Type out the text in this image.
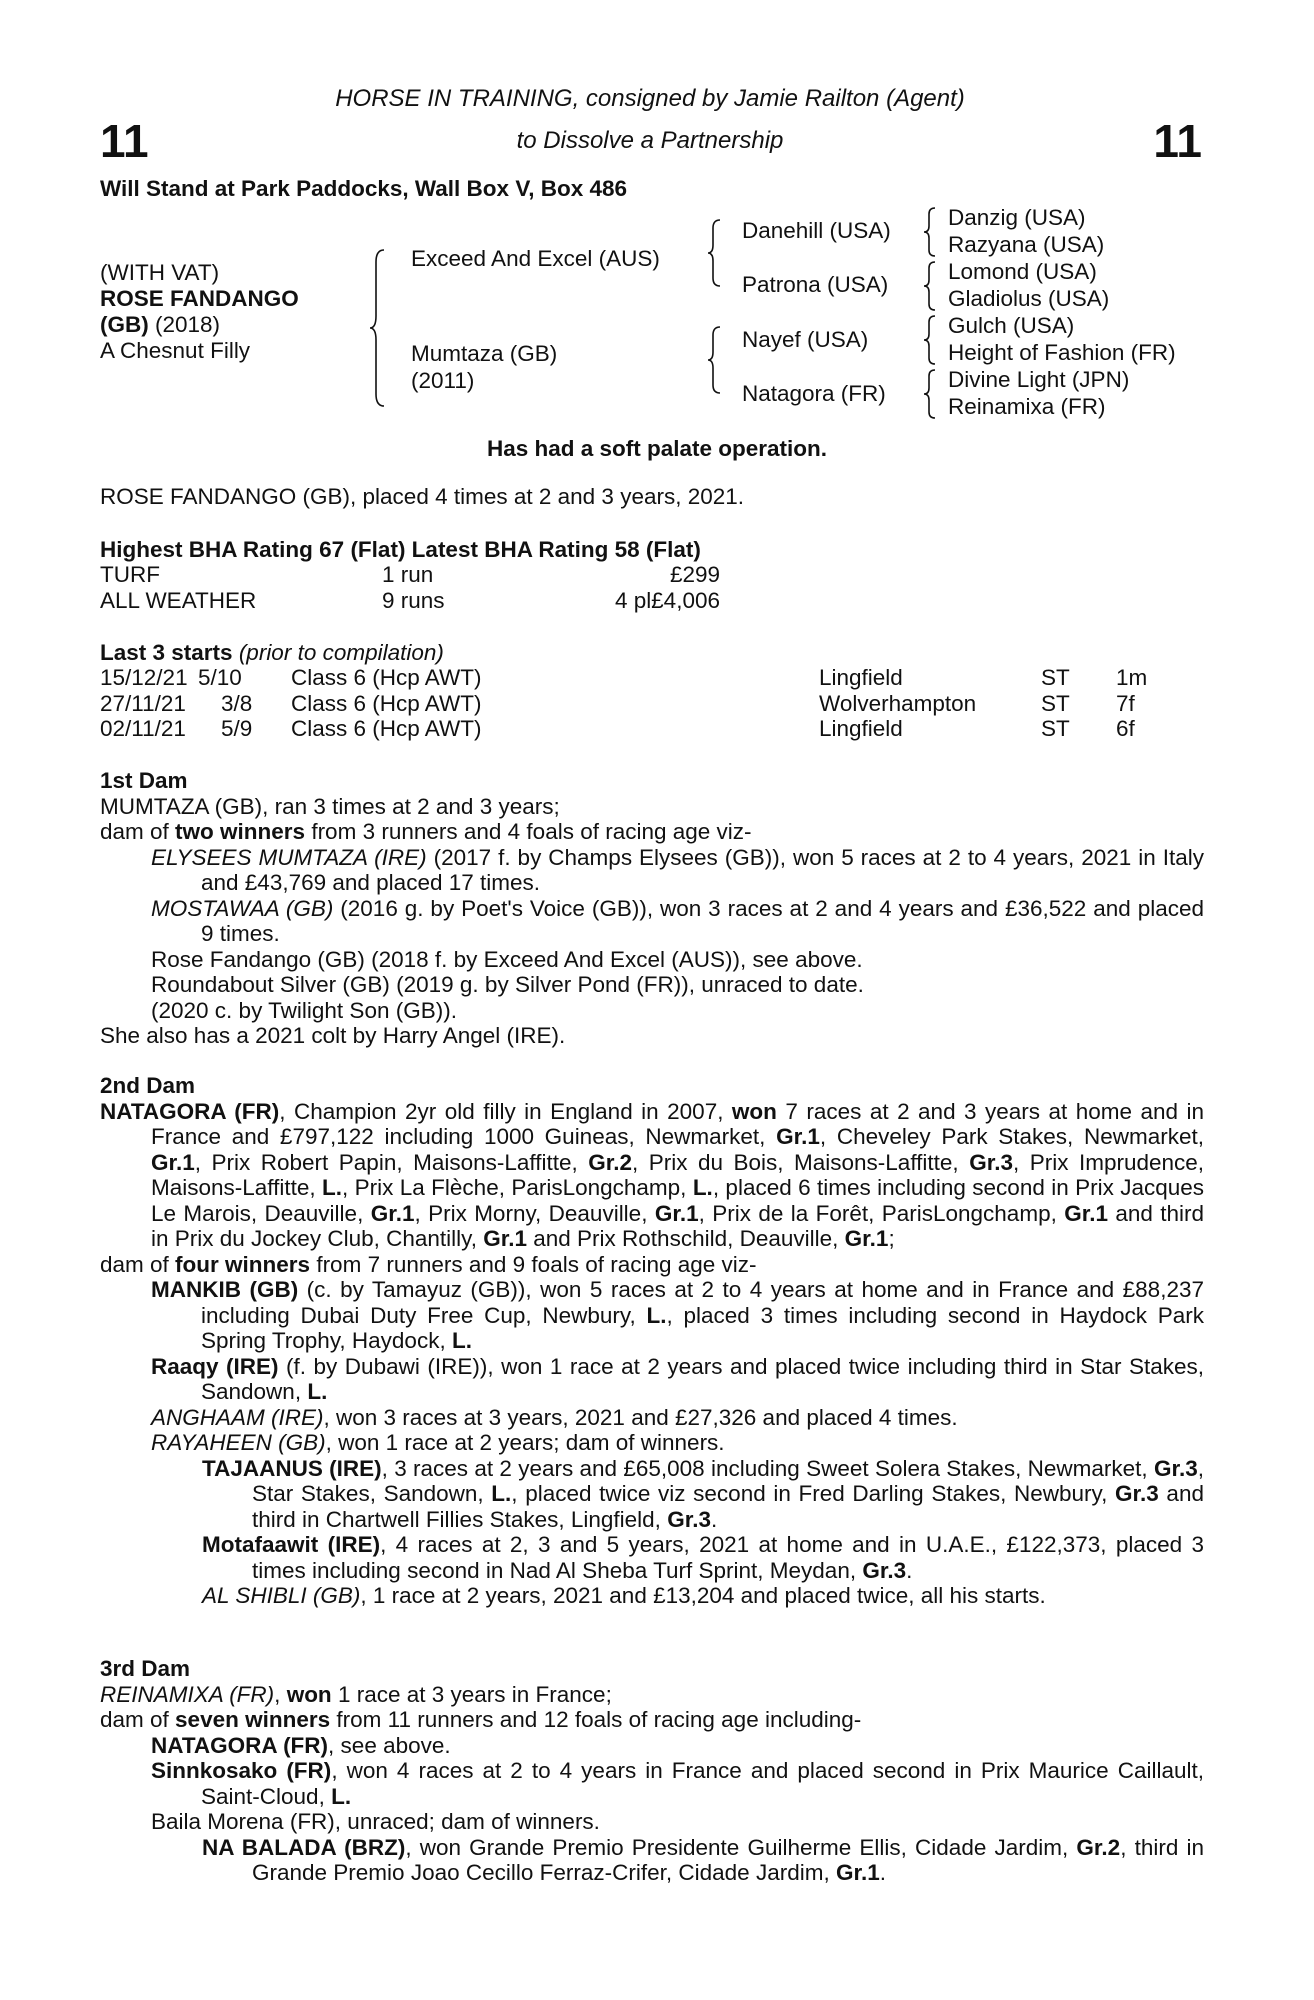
11	11
HORSE IN TRAINING, consigned by Jamie Railton (Agent)
to Dissolve a Partnership
Will Stand at Park Paddocks, Wall Box V, Box 486
(WITH VAT)
ROSE FANDANGO
(GB) (2018)
A Chesnut Filly
Exceed And Excel (AUS)
Mumtaza (GB)
(2011)
Danehill (USA)
Patrona (USA)
Nayef (USA)
Natagora (FR)
Danzig (USA)
Razyana (USA)
Lomond (USA)
Gladiolus (USA)
Gulch (USA)
Height of Fashion (FR)
Divine Light (JPN)
Reinamixa (FR)
Has had a soft palate operation.
ROSE FANDANGO (GB), placed 4 times at 2 and 3 years, 2021.
Highest BHA Rating 67 (Flat) Latest BHA Rating 58 (Flat)
TURF	1 run	£299
ALL WEATHER	9 runs	4 pl £4,006
Last 3 starts (prior to compilation)
15/12/21 5/10 Class 6 (Hcp AWT)	Lingfield	ST 1m
27/11/21 3/8 Class 6 (Hcp AWT)	Wolverhampton	ST 7f
02/11/21 5/9 Class 6 (Hcp AWT)	Lingfield	ST 6f

1st Dam

MUMTAZA (GB), ran 3 times at 2 and 3 years;

dam of two winners from 3 runners and 4 foals of racing age viz-

ELYSEES MUMTAZA (IRE) (2017 f. by Champs Elysees (GB)), won 5 races at 2 to 4 years, 2021 in Italy and £43,769 and placed 17 times.

MOSTAWAA (GB) (2016 g. by Poet's Voice (GB)), won 3 races at 2 and 4 years and £36,522 and placed 9 times.

Rose Fandango (GB) (2018 f. by Exceed And Excel (AUS)), see above.

Roundabout Silver (GB) (2019 g. by Silver Pond (FR)), unraced to date.

(2020 c. by Twilight Son (GB)).

She also has a 2021 colt by Harry Angel (IRE).

2nd Dam

NATAGORA (FR), Champion 2yr old filly in England in 2007, won 7 races at 2 and 3 years at home and in France and £797,122 including 1000 Guineas, Newmarket, Gr.1, Cheveley Park Stakes, Newmarket, Gr.1, Prix Robert Papin, Maisons-Laffitte, Gr.2, Prix du Bois, Maisons-Laffitte, Gr.3, Prix Imprudence, Maisons-Laffitte, L., Prix La Flèche, ParisLongchamp, L., placed 6 times including second in Prix Jacques Le Marois, Deauville, Gr.1, Prix Morny, Deauville, Gr.1, Prix de la Forêt, ParisLongchamp, Gr.1 and third in Prix du Jockey Club, Chantilly, Gr.1 and Prix Rothschild, Deauville, Gr.1;

dam of four winners from 7 runners and 9 foals of racing age viz-

MANKIB (GB) (c. by Tamayuz (GB)), won 5 races at 2 to 4 years at home and in France and £88,237 including Dubai Duty Free Cup, Newbury, L., placed 3 times including second in Haydock Park Spring Trophy, Haydock, L.

Raaqy (IRE) (f. by Dubawi (IRE)), won 1 race at 2 years and placed twice including third in Star Stakes, Sandown, L.

ANGHAAM (IRE), won 3 races at 3 years, 2021 and £27,326 and placed 4 times.

RAYAHEEN (GB), won 1 race at 2 years; dam of winners.

TAJAANUS (IRE), 3 races at 2 years and £65,008 including Sweet Solera Stakes, Newmarket, Gr.3, Star Stakes, Sandown, L., placed twice viz second in Fred Darling Stakes, Newbury, Gr.3 and third in Chartwell Fillies Stakes, Lingfield, Gr.3.

Motafaawit (IRE), 4 races at 2, 3 and 5 years, 2021 at home and in U.A.E., £122,373, placed 3 times including second in Nad Al Sheba Turf Sprint, Meydan, Gr.3.

AL SHIBLI (GB), 1 race at 2 years, 2021 and £13,204 and placed twice, all his starts.

3rd Dam

REINAMIXA (FR), won 1 race at 3 years in France;

dam of seven winners from 11 runners and 12 foals of racing age including-

NATAGORA (FR), see above.

Sinnkosako (FR), won 4 races at 2 to 4 years in France and placed second in Prix Maurice Caillault, Saint-Cloud, L.

Baila Morena (FR), unraced; dam of winners.

NA BALADA (BRZ), won Grande Premio Presidente Guilherme Ellis, Cidade Jardim, Gr.2, third in Grande Premio Joao Cecillo Ferraz-Crifer, Cidade Jardim, Gr.1.
